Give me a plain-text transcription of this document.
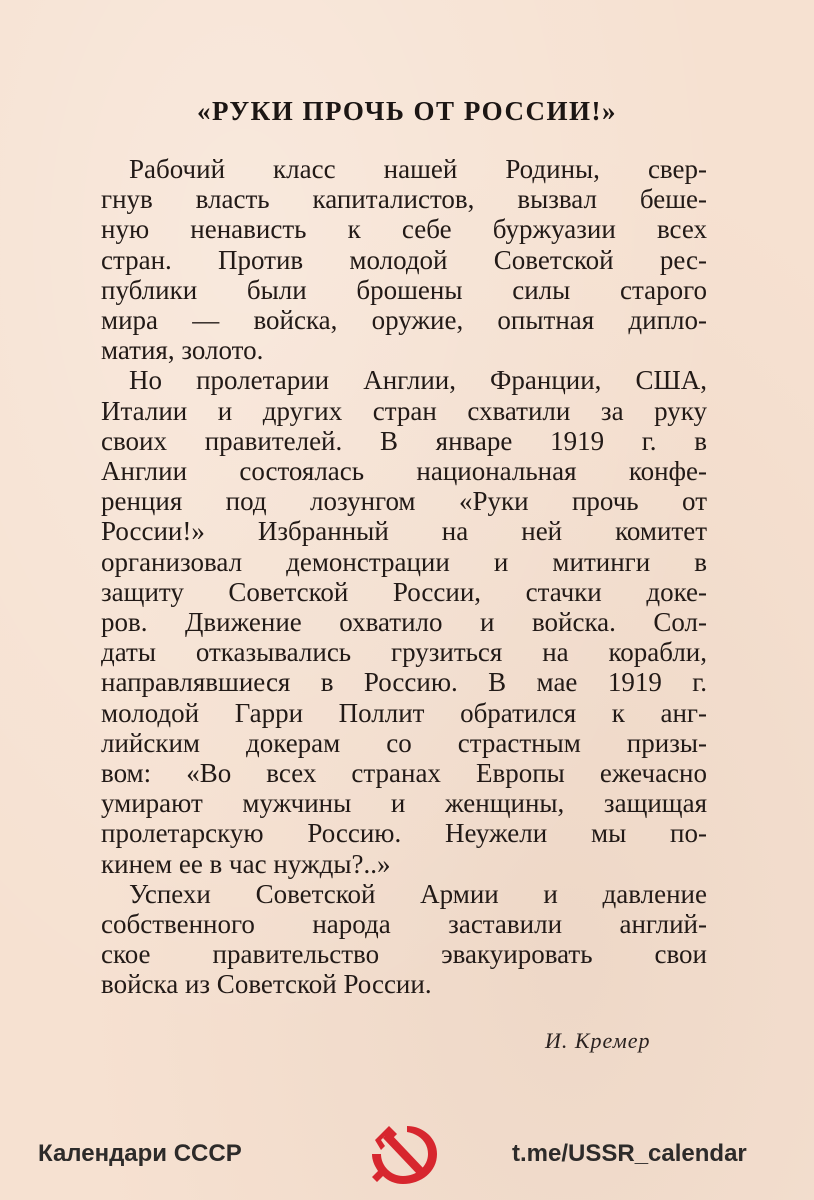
«РУКИ ПРОЧЬ ОТ РОССИИ!»
Рабочий класс нашей Родины, свер-
гнув власть капиталистов, вызвал беше-
ную ненависть к себе буржуазии всех
стран. Против молодой Советской рес-
публики были брошены силы старого
мира — войска, оружие, опытная дипло-
матия, золото.
Но пролетарии Англии, Франции, США,
Италии и других стран схватили за руку
своих правителей. В январе 1919 г. в
Англии состоялась национальная конфе-
ренция под лозунгом «Руки прочь от
России!» Избранный на ней комитет
организовал демонстрации и митинги в
защиту Советской России, стачки доке-
ров. Движение охватило и войска. Сол-
даты отказывались грузиться на корабли,
направлявшиеся в Россию. В мае 1919 г.
молодой Гарри Поллит обратился к анг-
лийским докерам со страстным призы-
вом: «Во всех странах Европы ежечасно
умирают мужчины и женщины, защищая
пролетарскую Россию. Неужели мы по-
кинем ее в час нужды?..»
Успехи Советской Армии и давление
собственного народа заставили англий-
ское правительство эвакуировать свои
войска из Советской России.
И. Кремер
Календари СССР	t.me/USSR_calendar
